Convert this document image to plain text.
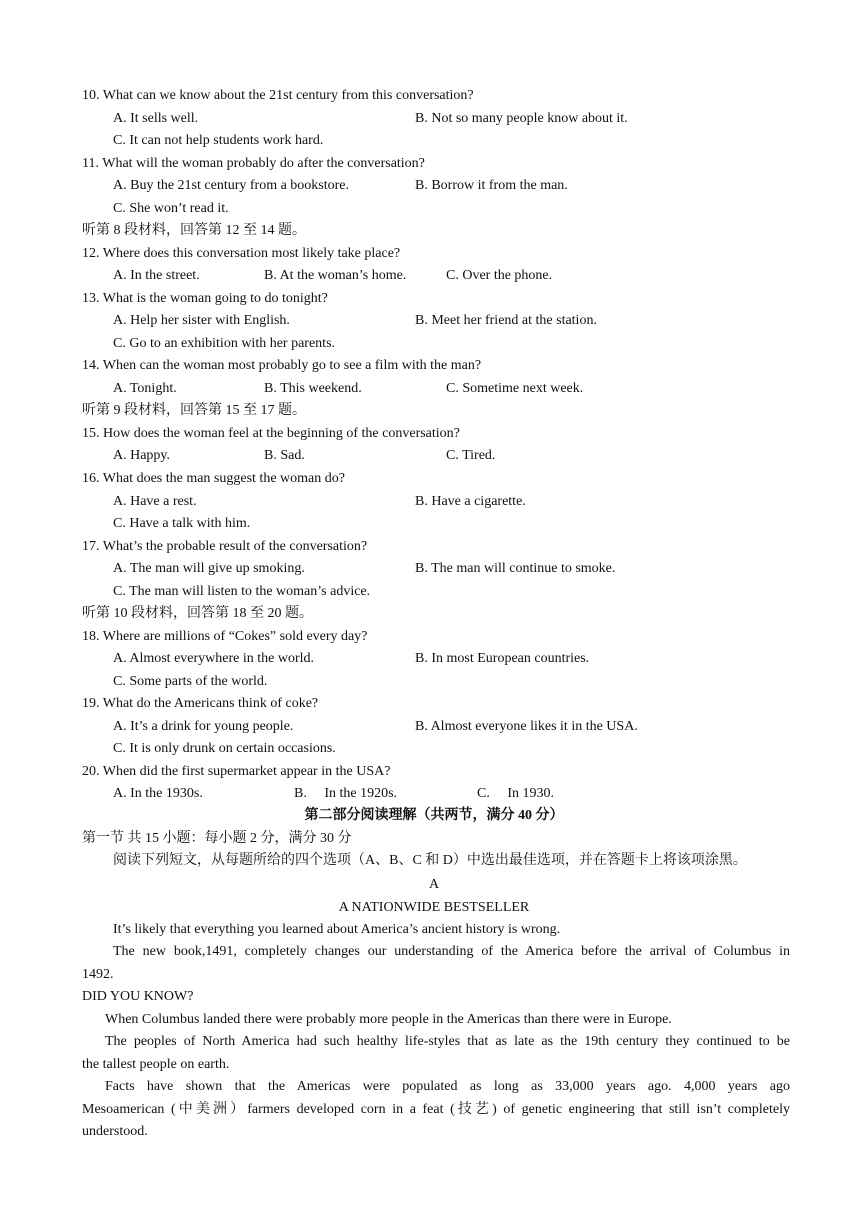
10. What can we know about the 21st century from this conversation?
A. It sells well.	B. Not so many people know about it.
C. It can not help students work hard.
11. What will the woman probably do after the conversation?
A. Buy the 21st century from a bookstore.	B. Borrow it from the man.
C. She won’t read it.
听第 8 段材料，回答第 12 至 14 题。
12. Where does this conversation most likely take place?
A. In the street.	B. At the woman’s home.	C. Over the phone.
13. What is the woman going to do tonight?
A. Help her sister with English.	B. Meet her friend at the station.
C. Go to an exhibition with her parents.
14. When can the woman most probably go to see a film with the man?
A. Tonight.	B. This weekend.	C. Sometime next week.
听第 9 段材料，回答第 15 至 17 题。
15. How does the woman feel at the beginning of the conversation?
A. Happy.	B. Sad.	C. Tired.
16. What does the man suggest the woman do?
A. Have a rest.	B. Have a cigarette.
C. Have a talk with him.
17. What’s the probable result of the conversation?
A. The man will give up smoking.	B. The man will continue to smoke.
C. The man will listen to the woman’s advice.
听第 10 段材料，回答第 18 至 20 题。
18. Where are millions of “Cokes” sold every day?
A. Almost everywhere in the world.	B. In most European countries.
C. Some parts of the world.
19. What do the Americans think of coke?
A. It’s a drink for young people.	B. Almost everyone likes it in the USA.
C. It is only drunk on certain occasions.
20. When did the first supermarket appear in the USA?
A. In the 1930s.	B.     In the 1920s.	C.     In 1930.
第二部分阅读理解（共两节，满分 40 分）
第一节 共 15 小题：每小题 2 分，满分 30 分
阅读下列短文，从每题所给的四个选项（A、B、C 和 D）中选出最佳选项，并在答题卡上将该项涂黑。
A
A NATIONWIDE BESTSELLER
It’s likely that everything you learned about America’s ancient history is wrong.
The new book,1491, completely changes our understanding of the America before the arrival of Columbus in
1492.
DID YOU KNOW?
When Columbus landed there were probably more people in the Americas than there were in Europe.
The peoples of North America had such healthy life-styles that as late as the 19th century they continued to be
the tallest people on earth.
Facts have shown that the Americas were populated as long as 33,000 years ago. 4,000 years ago
Mesoamerican (中美洲）farmers developed corn in a feat (技艺) of genetic engineering that still isn’t completely
understood.
